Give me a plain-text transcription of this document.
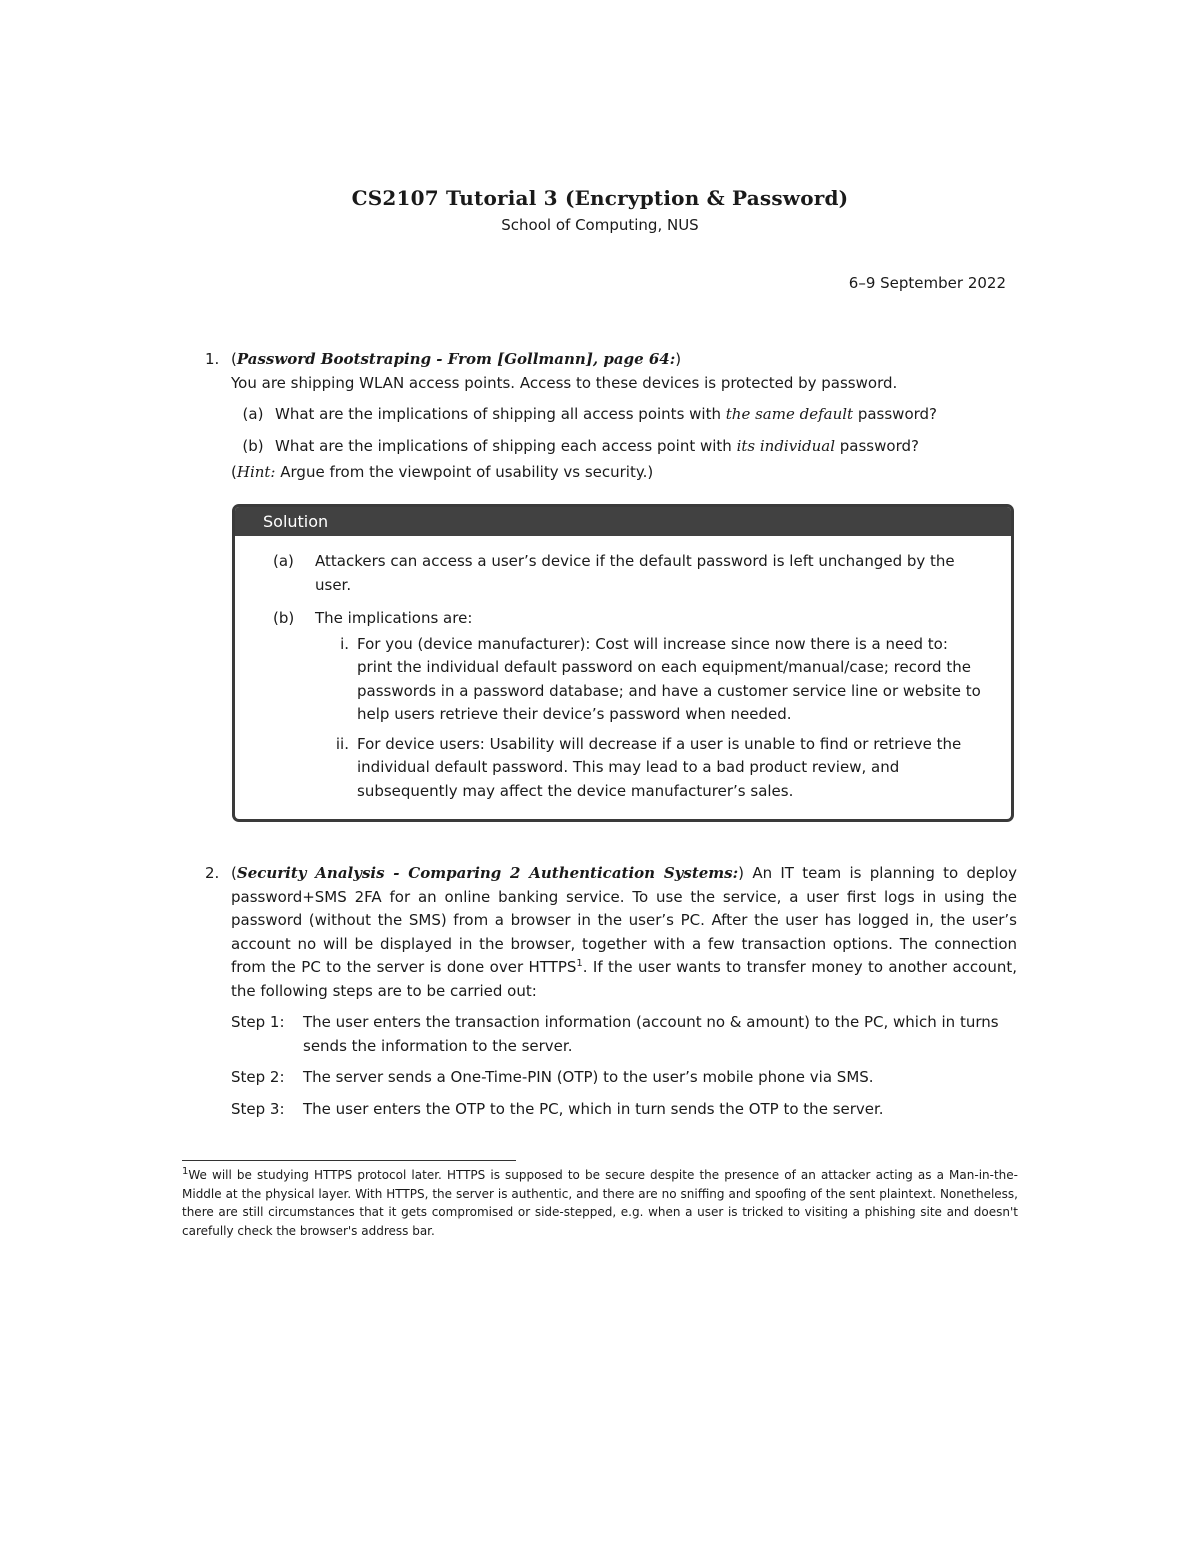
CS2107 Tutorial 3 (Encryption & Password)
School of Computing, NUS
6–9 September 2022
1. (Password Bootstraping - From [Gollmann], page 64:)
You are shipping WLAN access points. Access to these devices is protected by password.
(a) What are the implications of shipping all access points with the same default password?
(b) What are the implications of shipping each access point with its individual password?
(Hint: Argue from the viewpoint of usability vs security.)
Solution
(a)	Attackers can access a user’s device if the default password is left unchanged by the user.
(b)	The implications are:
i. For you (device manufacturer): Cost will increase since now there is a need to: print the individual default password on each equipment/manual/case; record the passwords in a password database; and have a customer service line or website to help users retrieve their device’s password when needed.
ii. For device users: Usability will decrease if a user is unable to find or retrieve the individual default password. This may lead to a bad product review, and subsequently may affect the device manufacturer’s sales.
2. (Security Analysis - Comparing 2 Authentication Systems:) An IT team is planning to deploy password+SMS 2FA for an online banking service. To use the service, a user first logs in using the password (without the SMS) from a browser in the user’s PC. After the user has logged in, the user’s account no will be displayed in the browser, together with a few transaction options. The connection from the PC to the server is done over HTTPS$^1$. If the user wants to transfer money to another account, the following steps are to be carried out:
Step 1:	The user enters the transaction information (account no & amount) to the PC, which in turns sends the information to the server.
Step 2:	The server sends a One-Time-PIN (OTP) to the user’s mobile phone via SMS.
Step 3:	The user enters the OTP to the PC, which in turn sends the OTP to the server.
$^1$We will be studying HTTPS protocol later. HTTPS is supposed to be secure despite the presence of an attacker acting as a Man-in-the-Middle at the physical layer. With HTTPS, the server is authentic, and there are no sniffing and spoofing of the sent plaintext. Nonetheless, there are still circumstances that it gets compromised or side-stepped, e.g. when a user is tricked to visiting a phishing site and doesn't carefully check the browser's address bar.
